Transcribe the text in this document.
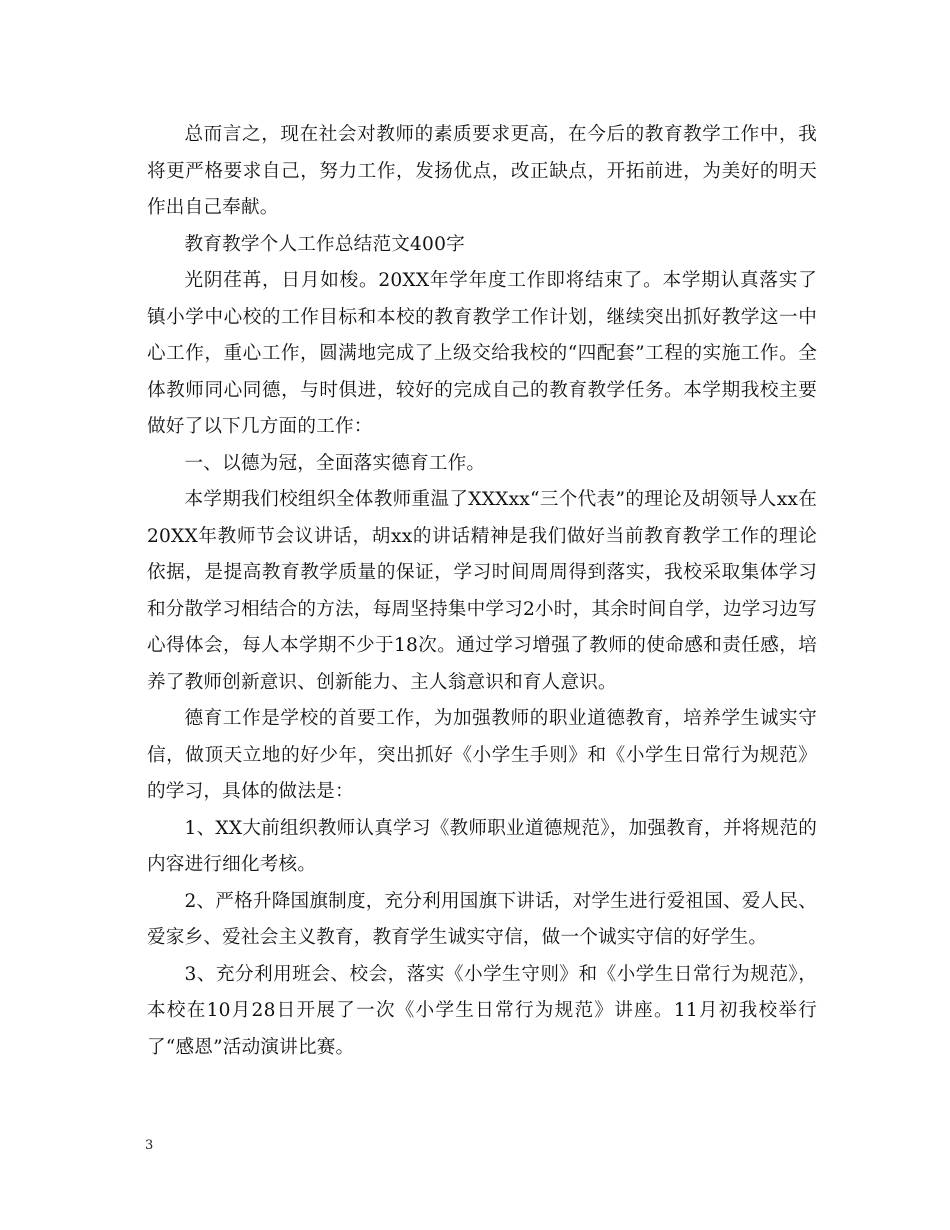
总而言之，现在社会对教师的素质要求更高，在今后的教育教学工作中，我将更严格要求自己，努力工作，发扬优点，改正缺点，开拓前进，为美好的明天作出自己奉献。

教育教学个人工作总结范文400字

光阴荏苒，日月如梭。20XX年学年度工作即将结束了。本学期认真落实了镇小学中心校的工作目标和本校的教育教学工作计划，继续突出抓好教学这一中心工作，重心工作，圆满地完成了上级交给我校的“四配套”工程的实施工作。全体教师同心同德，与时俱进，较好的完成自己的教育教学任务。本学期我校主要做好了以下几方面的工作：

一、以德为冠，全面落实德育工作。

本学期我们校组织全体教师重温了XXXxx“三个代表”的理论及胡领导人xx在20XX年教师节会议讲话，胡xx的讲话精神是我们做好当前教育教学工作的理论依据，是提高教育教学质量的保证，学习时间周周得到落实，我校采取集体学习和分散学习相结合的方法，每周坚持集中学习2小时，其余时间自学，边学习边写心得体会，每人本学期不少于18次。通过学习增强了教师的使命感和责任感，培养了教师创新意识、创新能力、主人翁意识和育人意识。

德育工作是学校的首要工作，为加强教师的职业道德教育，培养学生诚实守信，做顶天立地的好少年，突出抓好《小学生手则》和《小学生日常行为规范》的学习，具体的做法是：

1、XX大前组织教师认真学习《教师职业道德规范》，加强教育，并将规范的内容进行细化考核。

2、严格升降国旗制度，充分利用国旗下讲话，对学生进行爱祖国、爱人民、爱家乡、爱社会主义教育，教育学生诚实守信，做一个诚实守信的好学生。

3、充分利用班会、校会，落实《小学生守则》和《小学生日常行为规范》，本校在10月28日开展了一次《小学生日常行为规范》讲座。11月初我校举行了“感恩”活动演讲比赛。

3
